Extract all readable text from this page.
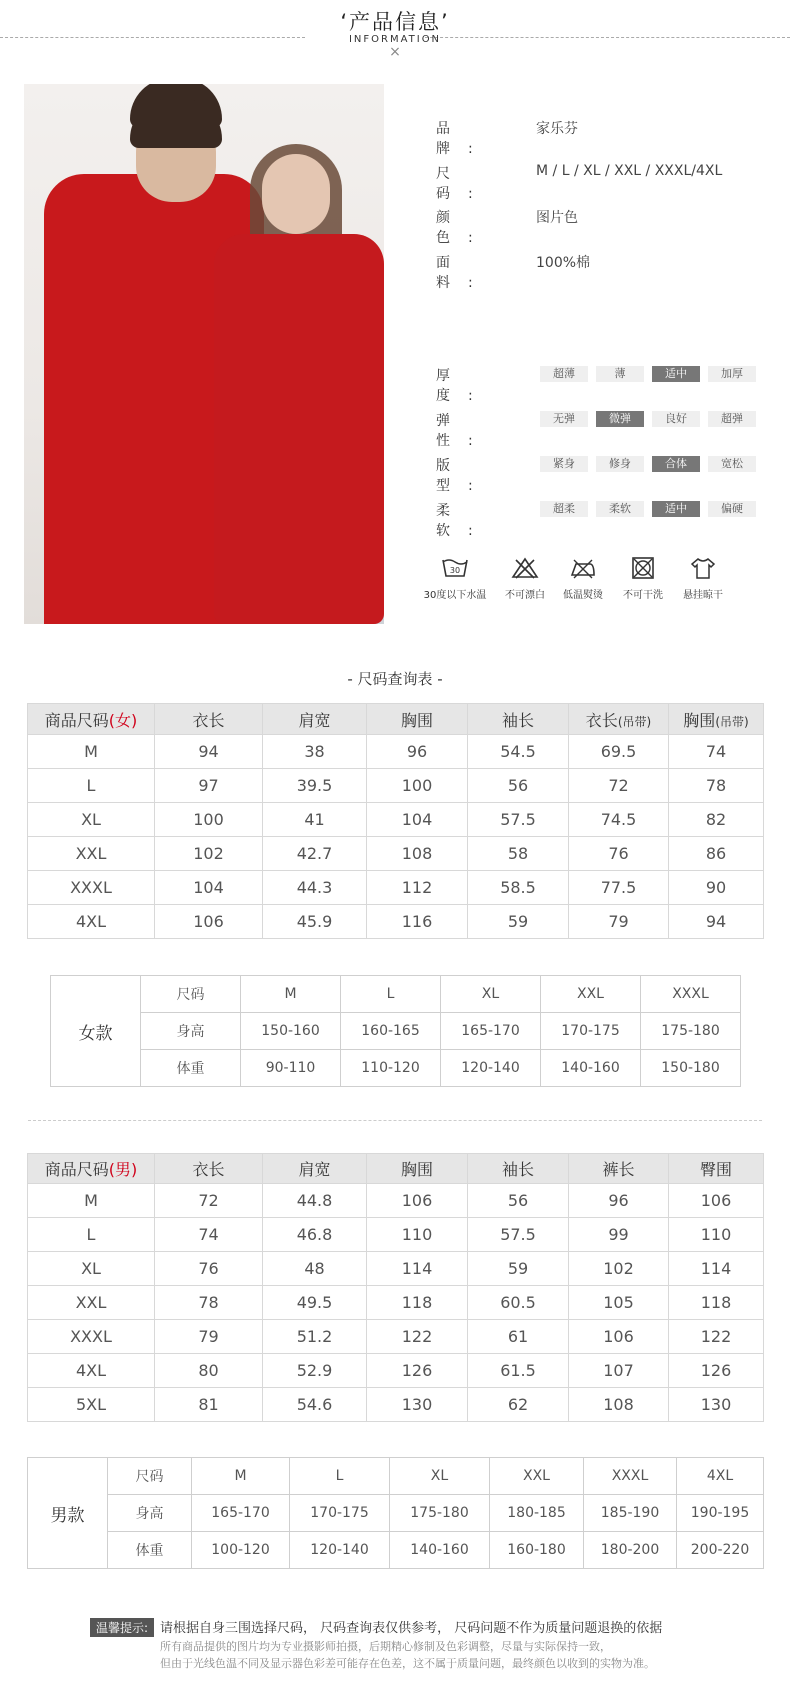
‘产品信息’
INFORMATION
×
品牌:
家乐芬
尺码:
M / L / XL / XXL / XXXL/4XL
颜色:
图片色
面料:
100%棉
厚度:
超薄	薄	适中	加厚
弹性:
无弹	微弹	良好	超弹
版型:
紧身	修身	合体	宽松
柔软:
超柔	柔软	适中	偏硬
30
30度以下水温	不可漂白	低温熨烫	不可干洗	悬挂晾干
- 尺码查询表 -
商品尺码(女)	衣长	肩宽	胸围	袖长	衣长(吊带)	胸围(吊带)
M	94	38	96	54.5	69.5	74
L	97	39.5	100	56	72	78
XL	100	41	104	57.5	74.5	82
XXL	102	42.7	108	58	76	86
XXXL	104	44.3	112	58.5	77.5	90
4XL	106	45.9	116	59	79	94
女款	尺码	M	L	XL	XXL	XXXL
	身高	150-160	160-165	165-170	170-175	175-180
	体重	90-110	110-120	120-140	140-160	150-180
商品尺码(男)	衣长	肩宽	胸围	袖长	裤长	臀围
M	72	44.8	106	56	96	106
L	74	46.8	110	57.5	99	110
XL	76	48	114	59	102	114
XXL	78	49.5	118	60.5	105	118
XXXL	79	51.2	122	61	106	122
4XL	80	52.9	126	61.5	107	126
5XL	81	54.6	130	62	108	130
男款	尺码	M	L	XL	XXL	XXXL	4XL
	身高	165-170	170-175	175-180	180-185	185-190	190-195
	体重	100-120	120-140	140-160	160-180	180-200	200-220
温馨提示: 请根据自身三围选择尺码， 尺码查询表仅供参考， 尺码问题不作为质量问题退换的依据
所有商品提供的图片均为专业摄影师拍摄，后期精心修制及色彩调整，尽量与实际保持一致，
但由于光线色温不同及显示器色彩差可能存在色差，这不属于质量问题，最终颜色以收到的实物为准。
